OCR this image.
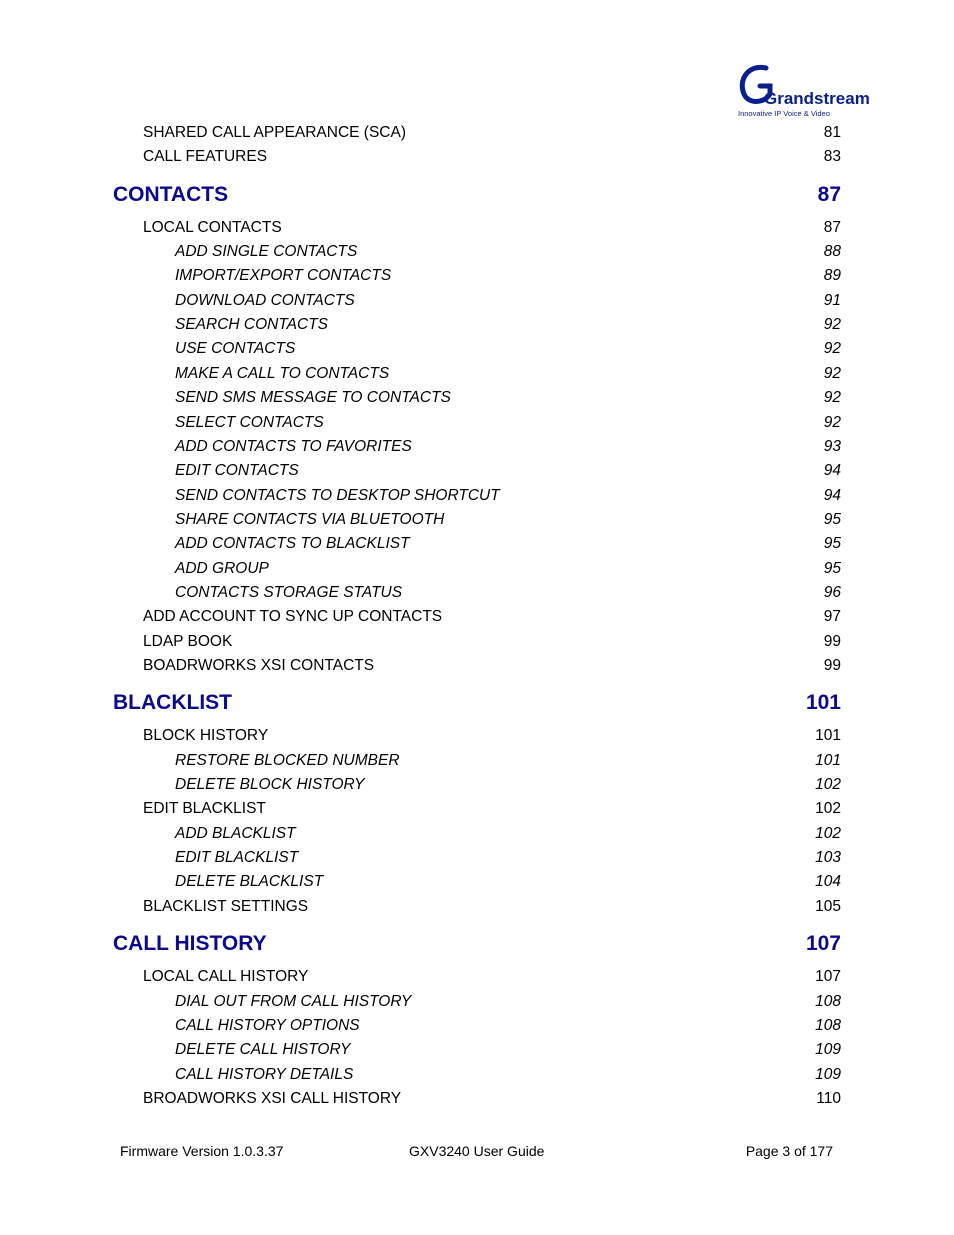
Grandstream
Innovative IP Voice & Video
SHARED CALL APPEARANCE (SCA)	81
CALL FEATURES	83
CONTACTS	87
LOCAL CONTACTS	87
ADD SINGLE CONTACTS	88
IMPORT/EXPORT CONTACTS	89
DOWNLOAD CONTACTS	91
SEARCH CONTACTS	92
USE CONTACTS	92
MAKE A CALL TO CONTACTS	92
SEND SMS MESSAGE TO CONTACTS	92
SELECT CONTACTS	92
ADD CONTACTS TO FAVORITES	93
EDIT CONTACTS	94
SEND CONTACTS TO DESKTOP SHORTCUT	94
SHARE CONTACTS VIA BLUETOOTH	95
ADD CONTACTS TO BLACKLIST	95
ADD GROUP	95
CONTACTS STORAGE STATUS	96
ADD ACCOUNT TO SYNC UP CONTACTS	97
LDAP BOOK	99
BOADRWORKS XSI CONTACTS	99
BLACKLIST	101
BLOCK HISTORY	101
RESTORE BLOCKED NUMBER	101
DELETE BLOCK HISTORY	102
EDIT BLACKLIST	102
ADD BLACKLIST	102
EDIT BLACKLIST	103
DELETE BLACKLIST	104
BLACKLIST SETTINGS	105
CALL HISTORY	107
LOCAL CALL HISTORY	107
DIAL OUT FROM CALL HISTORY	108
CALL HISTORY OPTIONS	108
DELETE CALL HISTORY	109
CALL HISTORY DETAILS	109
BROADWORKS XSI CALL HISTORY	110
Firmware Version 1.0.3.37	GXV3240 User Guide	Page 3 of 177
